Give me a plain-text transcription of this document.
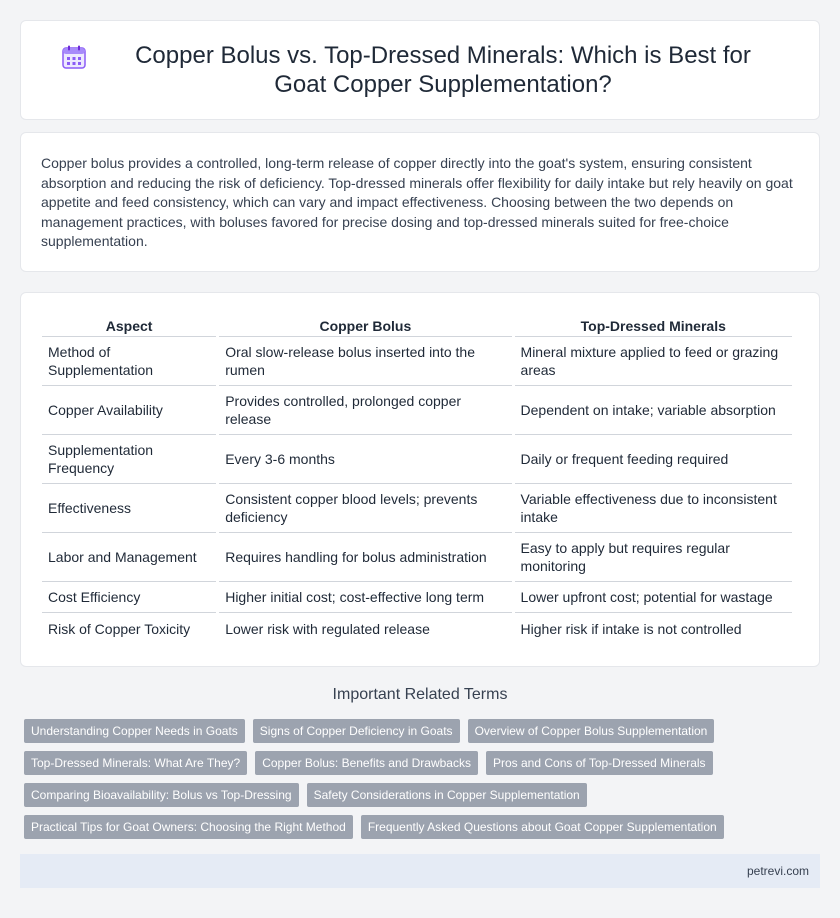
Copper Bolus vs. Top-Dressed Minerals: Which is Best for Goat Copper Supplementation?

Copper bolus provides a controlled, long-term release of copper directly into the goat's system, ensuring consistent absorption and reducing the risk of deficiency. Top-dressed minerals offer flexibility for daily intake but rely heavily on goat appetite and feed consistency, which can vary and impact effectiveness. Choosing between the two depends on management practices, with boluses favored for precise dosing and top-dressed minerals suited for free-choice supplementation.

Aspect	Copper Bolus	Top-Dressed Minerals
Method of Supplementation	Oral slow-release bolus inserted into the rumen	Mineral mixture applied to feed or grazing areas
Copper Availability	Provides controlled, prolonged copper release	Dependent on intake; variable absorption
Supplementation Frequency	Every 3-6 months	Daily or frequent feeding required
Effectiveness	Consistent copper blood levels; prevents deficiency	Variable effectiveness due to inconsistent intake
Labor and Management	Requires handling for bolus administration	Easy to apply but requires regular monitoring
Cost Efficiency	Higher initial cost; cost-effective long term	Lower upfront cost; potential for wastage
Risk of Copper Toxicity	Lower risk with regulated release	Higher risk if intake is not controlled
Important Related Terms
Understanding Copper Needs in Goats	Signs of Copper Deficiency in Goats	Overview of Copper Bolus Supplementation
Top-Dressed Minerals: What Are They?	Copper Bolus: Benefits and Drawbacks	Pros and Cons of Top-Dressed Minerals
Comparing Bioavailability: Bolus vs Top-Dressing	Safety Considerations in Copper Supplementation
Practical Tips for Goat Owners: Choosing the Right Method	Frequently Asked Questions about Goat Copper Supplementation
petrevi.com
